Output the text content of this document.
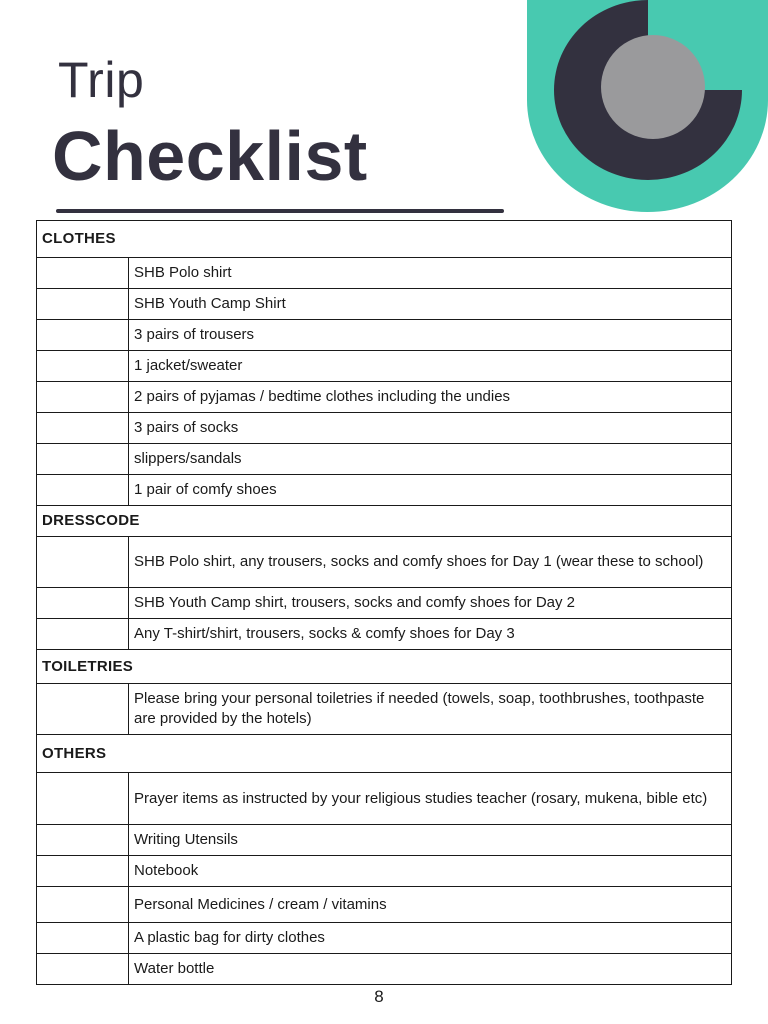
Trip
Checklist
CLOTHES	
	SHB Polo shirt
	SHB Youth Camp Shirt
	3 pairs of trousers
	1 jacket/sweater
	2 pairs of pyjamas / bedtime clothes including the undies
	3 pairs of socks
	slippers/sandals
	1 pair of comfy shoes
DRESSCODE	
	SHB Polo shirt, any trousers, socks and comfy shoes for Day 1 (wear these to school)
	SHB Youth Camp shirt, trousers, socks and comfy shoes for Day 2
	Any T-shirt/shirt, trousers, socks & comfy shoes for Day 3
TOILETRIES	
	Please bring your personal toiletries if needed (towels, soap, toothbrushes, toothpaste are provided by the hotels)
OTHERS	
	Prayer items as instructed by your religious studies teacher (rosary, mukena, bible etc)
	Writing Utensils
	Notebook
	Personal Medicines / cream / vitamins
	A plastic bag for dirty clothes
	Water bottle
8
